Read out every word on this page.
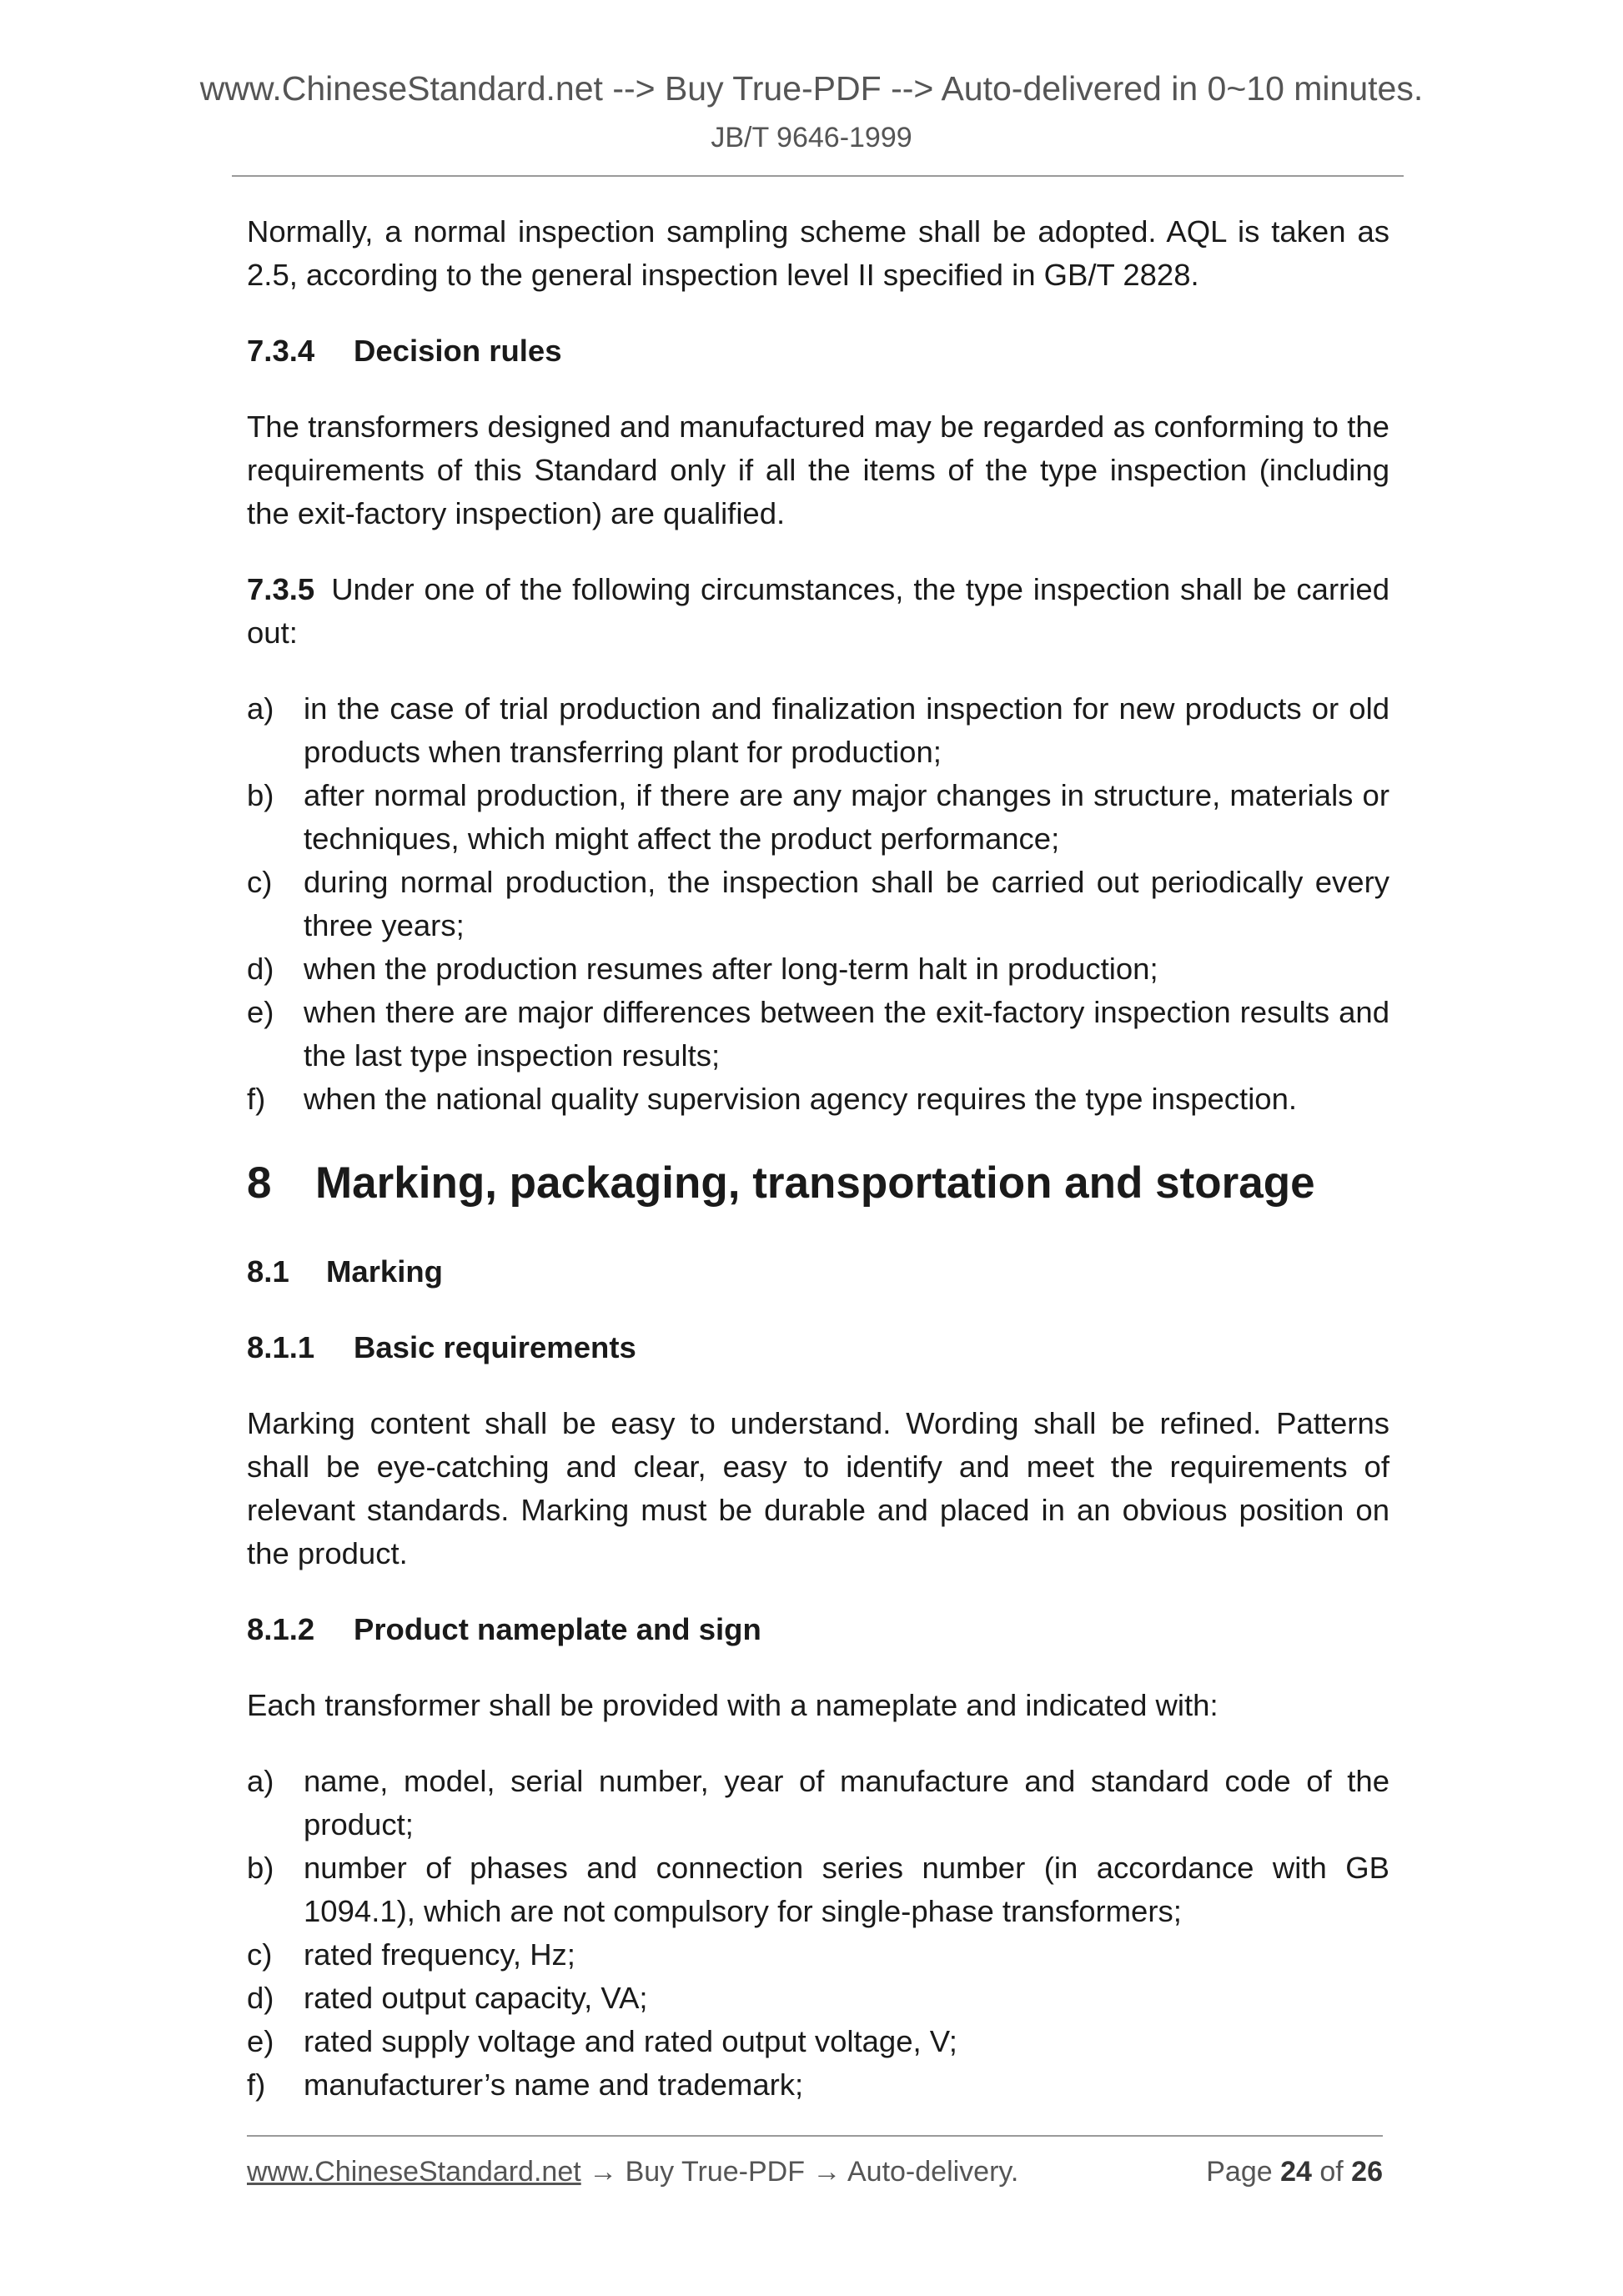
www.ChineseStandard.net --> Buy True-PDF --> Auto-delivered in 0~10 minutes.
JB/T 9646-1999

Normally, a normal inspection sampling scheme shall be adopted. AQL is taken as 2.5, according to the general inspection level II specified in GB/T 2828.

7.3.4 Decision rules

The transformers designed and manufactured may be regarded as conforming to the requirements of this Standard only if all the items of the type inspection (including the exit-factory inspection) are qualified.

7.3.5 Under one of the following circumstances, the type inspection shall be carried out:

a) in the case of trial production and finalization inspection for new products or old products when transferring plant for production;
b) after normal production, if there are any major changes in structure, materials or techniques, which might affect the product performance;
c) during normal production, the inspection shall be carried out periodically every three years;
d) when the production resumes after long-term halt in production;
e) when there are major differences between the exit-factory inspection results and the last type inspection results;
f) when the national quality supervision agency requires the type inspection.
8 Marking, packaging, transportation and storage
8.1 Marking
8.1.1 Basic requirements

Marking content shall be easy to understand. Wording shall be refined. Patterns shall be eye-catching and clear, easy to identify and meet the requirements of relevant standards. Marking must be durable and placed in an obvious position on the product.

8.1.2 Product nameplate and sign

Each transformer shall be provided with a nameplate and indicated with:

a) name, model, serial number, year of manufacture and standard code of the product;
b) number of phases and connection series number (in accordance with GB 1094.1), which are not compulsory for single-phase transformers;
c) rated frequency, Hz;
d) rated output capacity, VA;
e) rated supply voltage and rated output voltage, V;
f) manufacturer’s name and trademark;
www.ChineseStandard.net → Buy True-PDF → Auto-delivery.	Page 24 of 26
